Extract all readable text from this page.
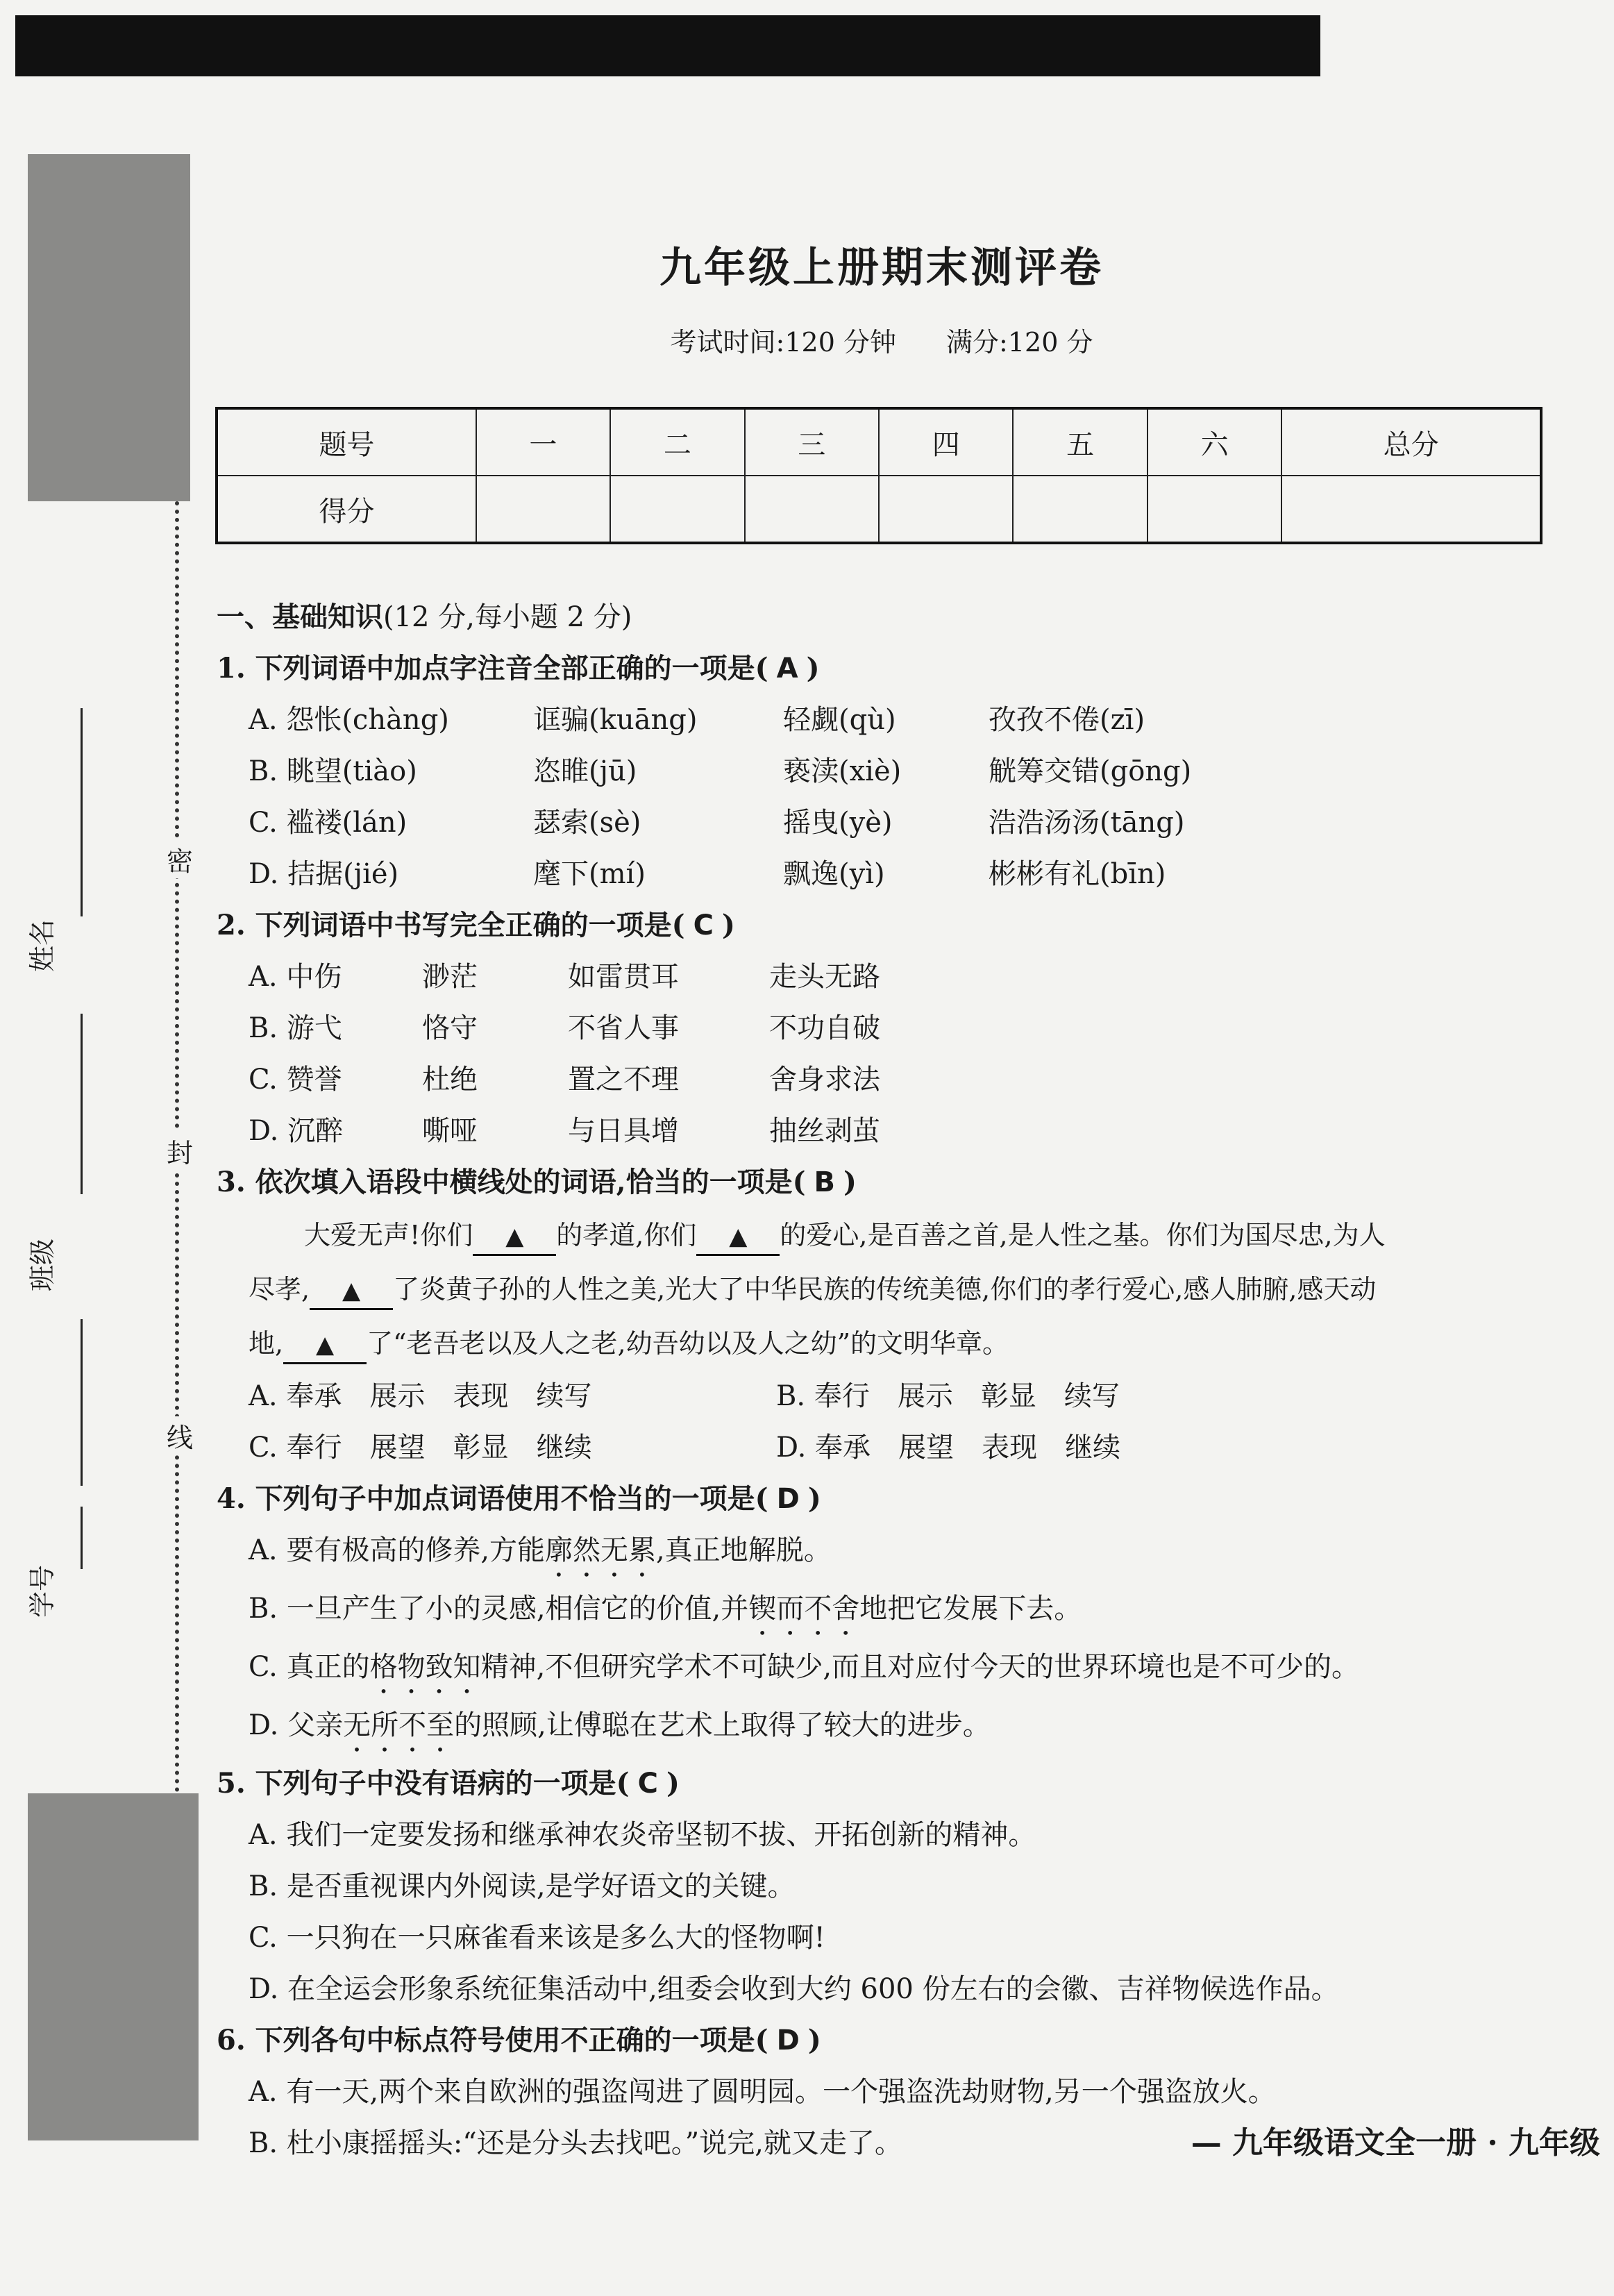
密
封
线
姓名
班级
学号
九年级上册期末测评卷
考试时间:120 分钟 满分:120 分
题号	一	二	三	四	五	六	总分
得分							
一、基础知识(12 分,每小题 2 分)
1. 下列词语中加点字注音全部正确的一项是( A )
A. 怨怅(chàng)	诓骗(kuāng)	轻觑(qù)	孜孜不倦(zī)
B. 眺望(tiào)	恣睢(jū)	亵渎(xiè)	觥筹交错(gōng)
C. 褴褛(lán)	瑟索(sè)	摇曳(yè)	浩浩汤汤(tāng)
D. 拮据(jié)	麾下(mí)	飘逸(yì)	彬彬有礼(bīn)
2. 下列词语中书写完全正确的一项是( C )
A. 中伤	渺茫	如雷贯耳	走头无路
B. 游弋	恪守	不省人事	不功自破
C. 赞誉	杜绝	置之不理	舍身求法
D. 沉醉	嘶哑	与日具增	抽丝剥茧
3. 依次填入语段中横线处的词语,恰当的一项是( B )

大爱无声!你们 ▲ 的孝道,你们 ▲ 的爱心,是百善之首,是人性之基。你们为国尽忠,为人

尽孝, ▲ 了炎黄子孙的人性之美,光大了中华民族的传统美德,你们的孝行爱心,感人肺腑,感天动

地, ▲ 了“老吾老以及人之老,幼吾幼以及人之幼”的文明华章。

A. 奉承　展示　表现　续写	B. 奉行　展示　彰显　续写
C. 奉行　展望　彰显　继续	D. 奉承　展望　表现　继续
4. 下列句子中加点词语使用不恰当的一项是( D )
A. 要有极高的修养,方能廓然无累,真正地解脱。
B. 一旦产生了小的灵感,相信它的价值,并锲而不舍地把它发展下去。
C. 真正的格物致知精神,不但研究学术不可缺少,而且对应付今天的世界环境也是不可少的。
D. 父亲无所不至的照顾,让傅聪在艺术上取得了较大的进步。
5. 下列句子中没有语病的一项是( C )
A. 我们一定要发扬和继承神农炎帝坚韧不拔、开拓创新的精神。
B. 是否重视课内外阅读,是学好语文的关键。
C. 一只狗在一只麻雀看来该是多么大的怪物啊!
D. 在全运会形象系统征集活动中,组委会收到大约 600 份左右的会徽、吉祥物候选作品。
6. 下列各句中标点符号使用不正确的一项是( D )
A. 有一天,两个来自欧洲的强盗闯进了圆明园。一个强盗洗劫财物,另一个强盗放火。
B. 杜小康摇摇头:“还是分头去找吧。”说完,就又走了。	— 九年级语文全一册 · 九年级
